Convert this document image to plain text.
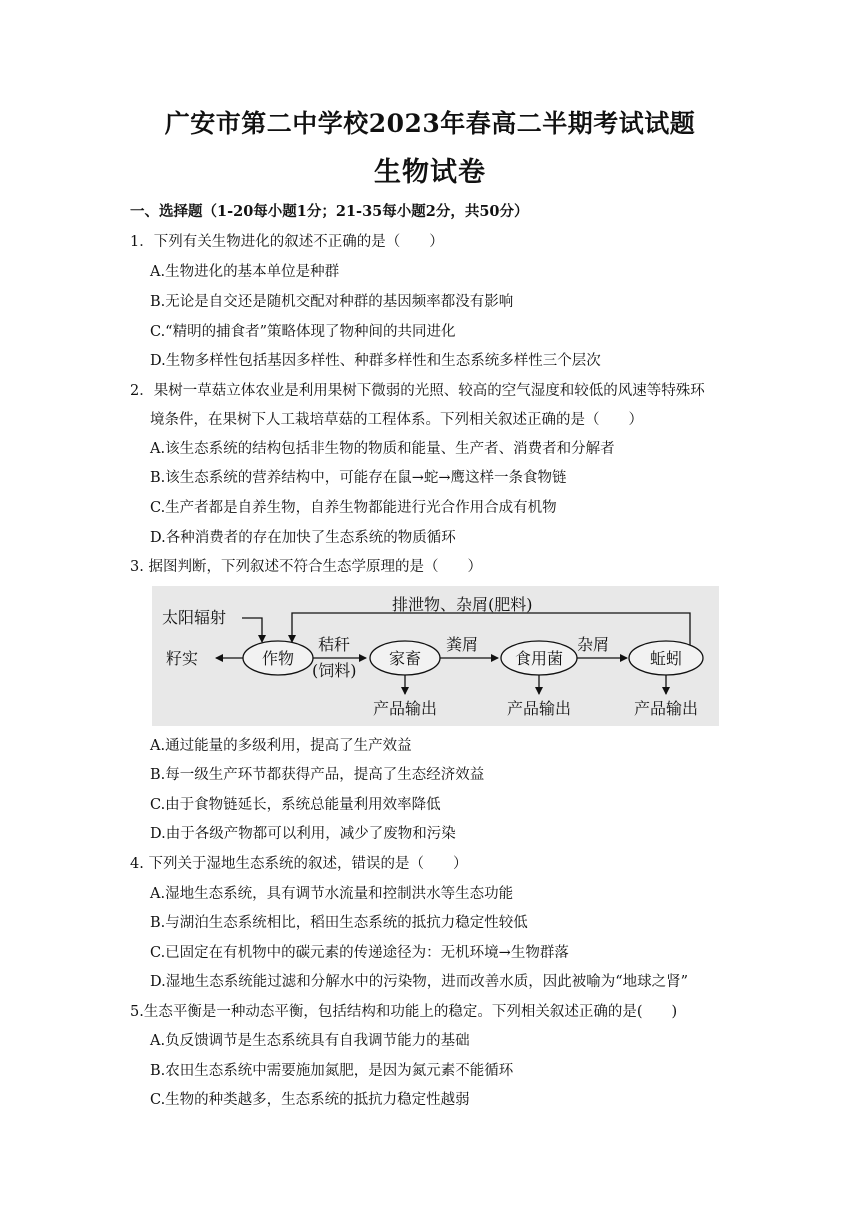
广安市第二中学校2023年春高二半期考试试题
生物试卷
一、选择题（1-20每小题1分；21-35每小题2分，共50分）
1．下列有关生物进化的叙述不正确的是（　　）
A.生物进化的基本单位是种群
B.无论是自交还是随机交配对种群的基因频率都没有影响
C.“精明的捕食者”策略体现了物种间的共同进化
D.生物多样性包括基因多样性、种群多样性和生态系统多样性三个层次
2．果树一草菇立体农业是利用果树下微弱的光照、较高的空气湿度和较低的风速等特殊环
境条件，在果树下人工栽培草菇的工程体系。下列相关叙述正确的是（　　）
A.该生态系统的结构包括非生物的物质和能量、生产者、消费者和分解者
B.该生态系统的营养结构中，可能存在鼠→蛇→鹰这样一条食物链
C.生产者都是自养生物，自养生物都能进行光合作用合成有机物
D.各种消费者的存在加快了生态系统的物质循环
3. 据图判断，下列叙述不符合生态学原理的是（　　）
太阳辐射
排泄物、杂屑(肥料)
籽实	作物
秸秆
(饲料)
家畜
粪屑
食用菌
杂屑
蚯蚓
产品输出	产品输出	产品输出
A.通过能量的多级利用，提高了生产效益
B.每一级生产环节都获得产品，提高了生态经济效益
C.由于食物链延长，系统总能量利用效率降低
D.由于各级产物都可以利用，减少了废物和污染
4. 下列关于湿地生态系统的叙述，错误的是（　　）
A.湿地生态系统，具有调节水流量和控制洪水等生态功能
B.与湖泊生态系统相比，稻田生态系统的抵抗力稳定性较低
C.已固定在有机物中的碳元素的传递途径为：无机环境→生物群落
D.湿地生态系统能过滤和分解水中的污染物，进而改善水质，因此被喻为“地球之肾”
5.生态平衡是一种动态平衡，包括结构和功能上的稳定。下列相关叙述正确的是(　　)
A.负反馈调节是生态系统具有自我调节能力的基础
B.农田生态系统中需要施加氮肥，是因为氮元素不能循环
C.生物的种类越多，生态系统的抵抗力稳定性越弱
